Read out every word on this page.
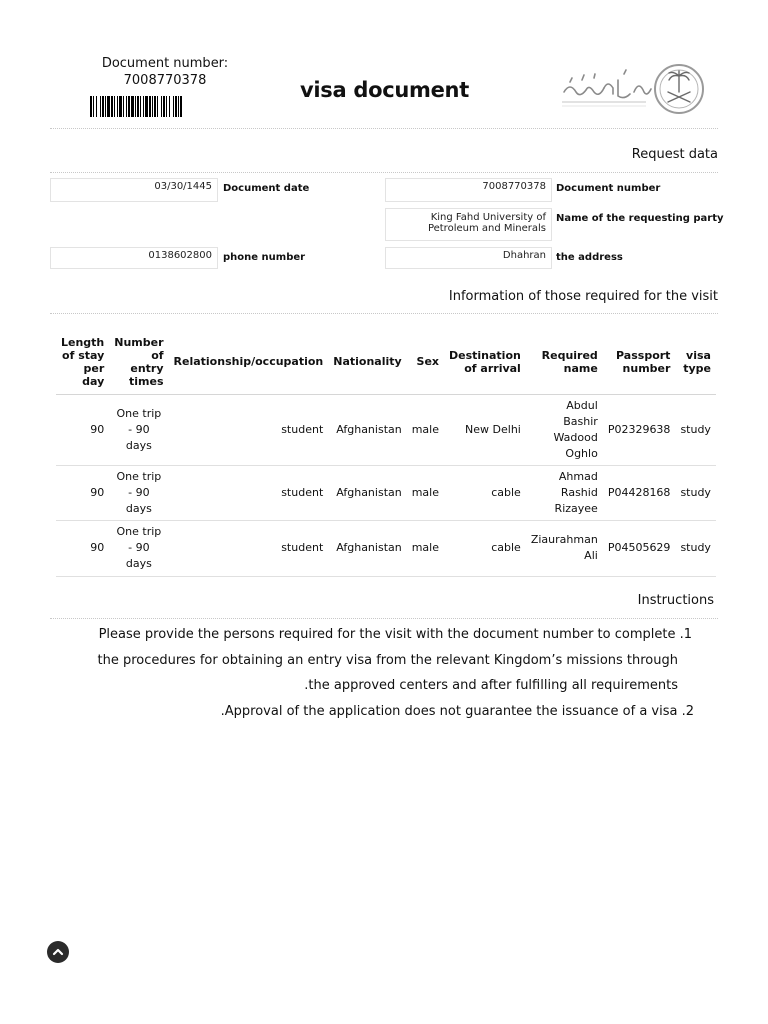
Document number:
7008770378	visa document
Request data
03/30/1445	Document date	7008770378	Document number
King Fahd University of
Petroleum and Minerals
Name of the requesting party
0138602800	phone number	Dhahran	the address
Information of those required for the visit
Length of stay per day	Number of entry times	Relationship/occupation	Nationality	Sex	Destination of arrival	Required name	Passport number	visa type
90	One trip - 90 days	student	Afghanistan	male	New Delhi	Abdul Bashir Wadood Oghlo	P02329638	study
90	One trip - 90 days	student	Afghanistan	male	cable	Ahmad Rashid Rizayee	P04428168	study
90	One trip - 90 days	student	Afghanistan	male	cable	Ziaurahman Ali	P04505629	study
Instructions

Please provide the persons required for the visit with the document number to complete .1

the procedures for obtaining an entry visa from the relevant Kingdom’s missions through

.the approved centers and after fulfilling all requirements

.Approval of the application does not guarantee the issuance of a visa .2
